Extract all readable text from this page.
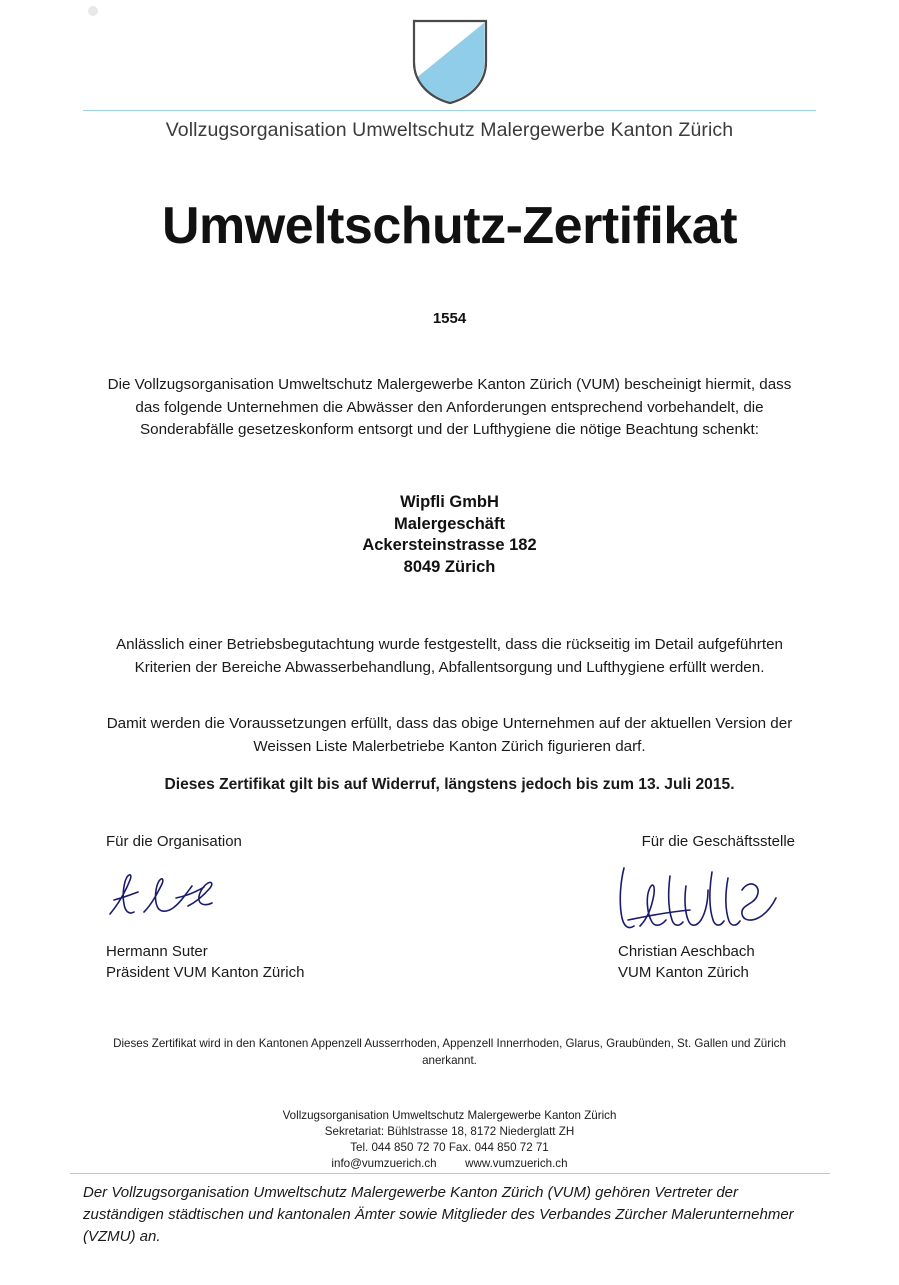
Vollzugsorganisation Umweltschutz Malergewerbe Kanton Zürich
Umweltschutz-Zertifikat
1554
Die Vollzugsorganisation Umweltschutz Malergewerbe Kanton Zürich (VUM) bescheinigt hiermit, dass das folgende Unternehmen die Abwässer den Anforderungen entsprechend vorbehandelt, die Sonderabfälle gesetzeskonform entsorgt und der Lufthygiene die nötige Beachtung schenkt:
Wipfli GmbH
Malergeschäft
Ackersteinstrasse 182
8049 Zürich
Anlässlich einer Betriebsbegutachtung wurde festgestellt, dass die rückseitig im Detail aufgeführten Kriterien der Bereiche Abwasserbehandlung, Abfallentsorgung und Lufthygiene erfüllt werden.
Damit werden die Voraussetzungen erfüllt, dass das obige Unternehmen auf der aktuellen Version der Weissen Liste Malerbetriebe Kanton Zürich figurieren darf.
Dieses Zertifikat gilt bis auf Widerruf, längstens jedoch bis zum 13. Juli 2015.
Für die Organisation
Hermann Suter
Präsident VUM Kanton Zürich
Für die Geschäftsstelle
Christian Aeschbach
VUM Kanton Zürich
Dieses Zertifikat wird in den Kantonen Appenzell Ausserrhoden, Appenzell Innerrhoden, Glarus, Graubünden, St. Gallen und Zürich anerkannt.
Vollzugsorganisation Umweltschutz Malergewerbe Kanton Zürich
Sekretariat: Bühlstrasse 18, 8172 Niederglatt ZH
Tel. 044 850 72 70 Fax. 044 850 72 71
info@vumzuerich.ch www.vumzuerich.ch
Der Vollzugsorganisation Umweltschutz Malergewerbe Kanton Zürich (VUM) gehören Vertreter der zuständigen städtischen und kantonalen Ämter sowie Mitglieder des Verbandes Zürcher Malerunternehmer (VZMU) an.
